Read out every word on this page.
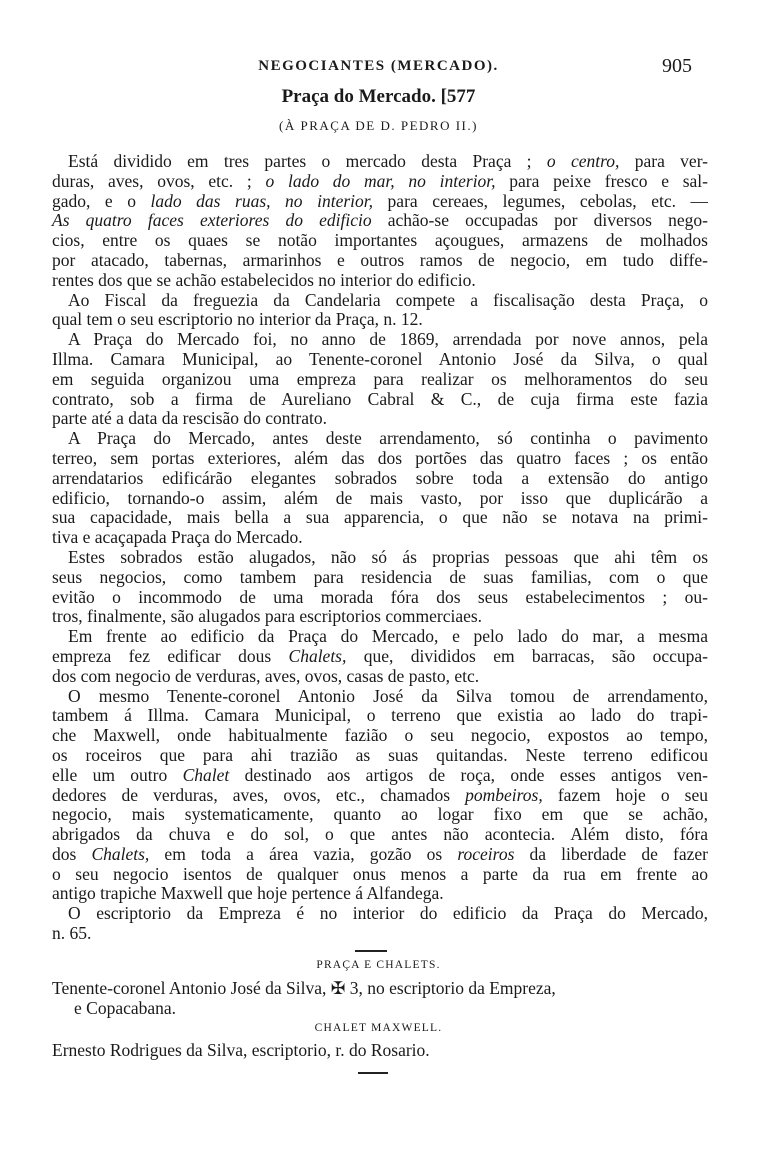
NEGOCIANTES (MERCADO).	905
Praça do Mercado. [577
(À PRAÇA DE D. PEDRO II.)
Está dividido em tres partes o mercado desta Praça ; o centro, para ver-
duras, aves, ovos, etc. ; o lado do mar, no interior, para peixe fresco e sal-
gado, e o lado das ruas, no interior, para cereaes, legumes, cebolas, etc. —
As quatro faces exteriores do edificio achão-se occupadas por diversos nego-
cios, entre os quaes se notão importantes açougues, armazens de molhados
por atacado, tabernas, armarinhos e outros ramos de negocio, em tudo diffe-
rentes dos que se achão estabelecidos no interior do edificio.
Ao Fiscal da freguezia da Candelaria compete a fiscalisação desta Praça, o
qual tem o seu escriptorio no interior da Praça, n. 12.
A Praça do Mercado foi, no anno de 1869, arrendada por nove annos, pela
Illma. Camara Municipal, ao Tenente-coronel Antonio José da Silva, o qual
em seguida organizou uma empreza para realizar os melhoramentos do seu
contrato, sob a firma de Aureliano Cabral & C., de cuja firma este fazia
parte até a data da rescisão do contrato.
A Praça do Mercado, antes deste arrendamento, só continha o pavimento
terreo, sem portas exteriores, além das dos portões das quatro faces ; os então
arrendatarios edificárão elegantes sobrados sobre toda a extensão do antigo
edificio, tornando-o assim, além de mais vasto, por isso que duplicárão a
sua capacidade, mais bella a sua apparencia, o que não se notava na primi-
tiva e acaçapada Praça do Mercado.
Estes sobrados estão alugados, não só ás proprias pessoas que ahi têm os
seus negocios, como tambem para residencia de suas familias, com o que
evitão o incommodo de uma morada fóra dos seus estabelecimentos ; ou-
tros, finalmente, são alugados para escriptorios commerciaes.
Em frente ao edificio da Praça do Mercado, e pelo lado do mar, a mesma
empreza fez edificar dous Chalets, que, divididos em barracas, são occupa-
dos com negocio de verduras, aves, ovos, casas de pasto, etc.
O mesmo Tenente-coronel Antonio José da Silva tomou de arrendamento,
tambem á Illma. Camara Municipal, o terreno que existia ao lado do trapi-
che Maxwell, onde habitualmente fazião o seu negocio, expostos ao tempo,
os roceiros que para ahi trazião as suas quitandas. Neste terreno edificou
elle um outro Chalet destinado aos artigos de roça, onde esses antigos ven-
dedores de verduras, aves, ovos, etc., chamados pombeiros, fazem hoje o seu
negocio, mais systematicamente, quanto ao logar fixo em que se achão,
abrigados da chuva e do sol, o que antes não acontecia. Além disto, fóra
dos Chalets, em toda a área vazia, gozão os roceiros da liberdade de fazer
o seu negocio isentos de qualquer onus menos a parte da rua em frente ao
antigo trapiche Maxwell que hoje pertence á Alfandega.
O escriptorio da Empreza é no interior do edificio da Praça do Mercado,
n. 65.
PRAÇA E CHALETS.
Tenente-coronel Antonio José da Silva, ✠ 3, no escriptorio da Empreza,
e Copacabana.
CHALET MAXWELL.
Ernesto Rodrigues da Silva, escriptorio, r. do Rosario.
